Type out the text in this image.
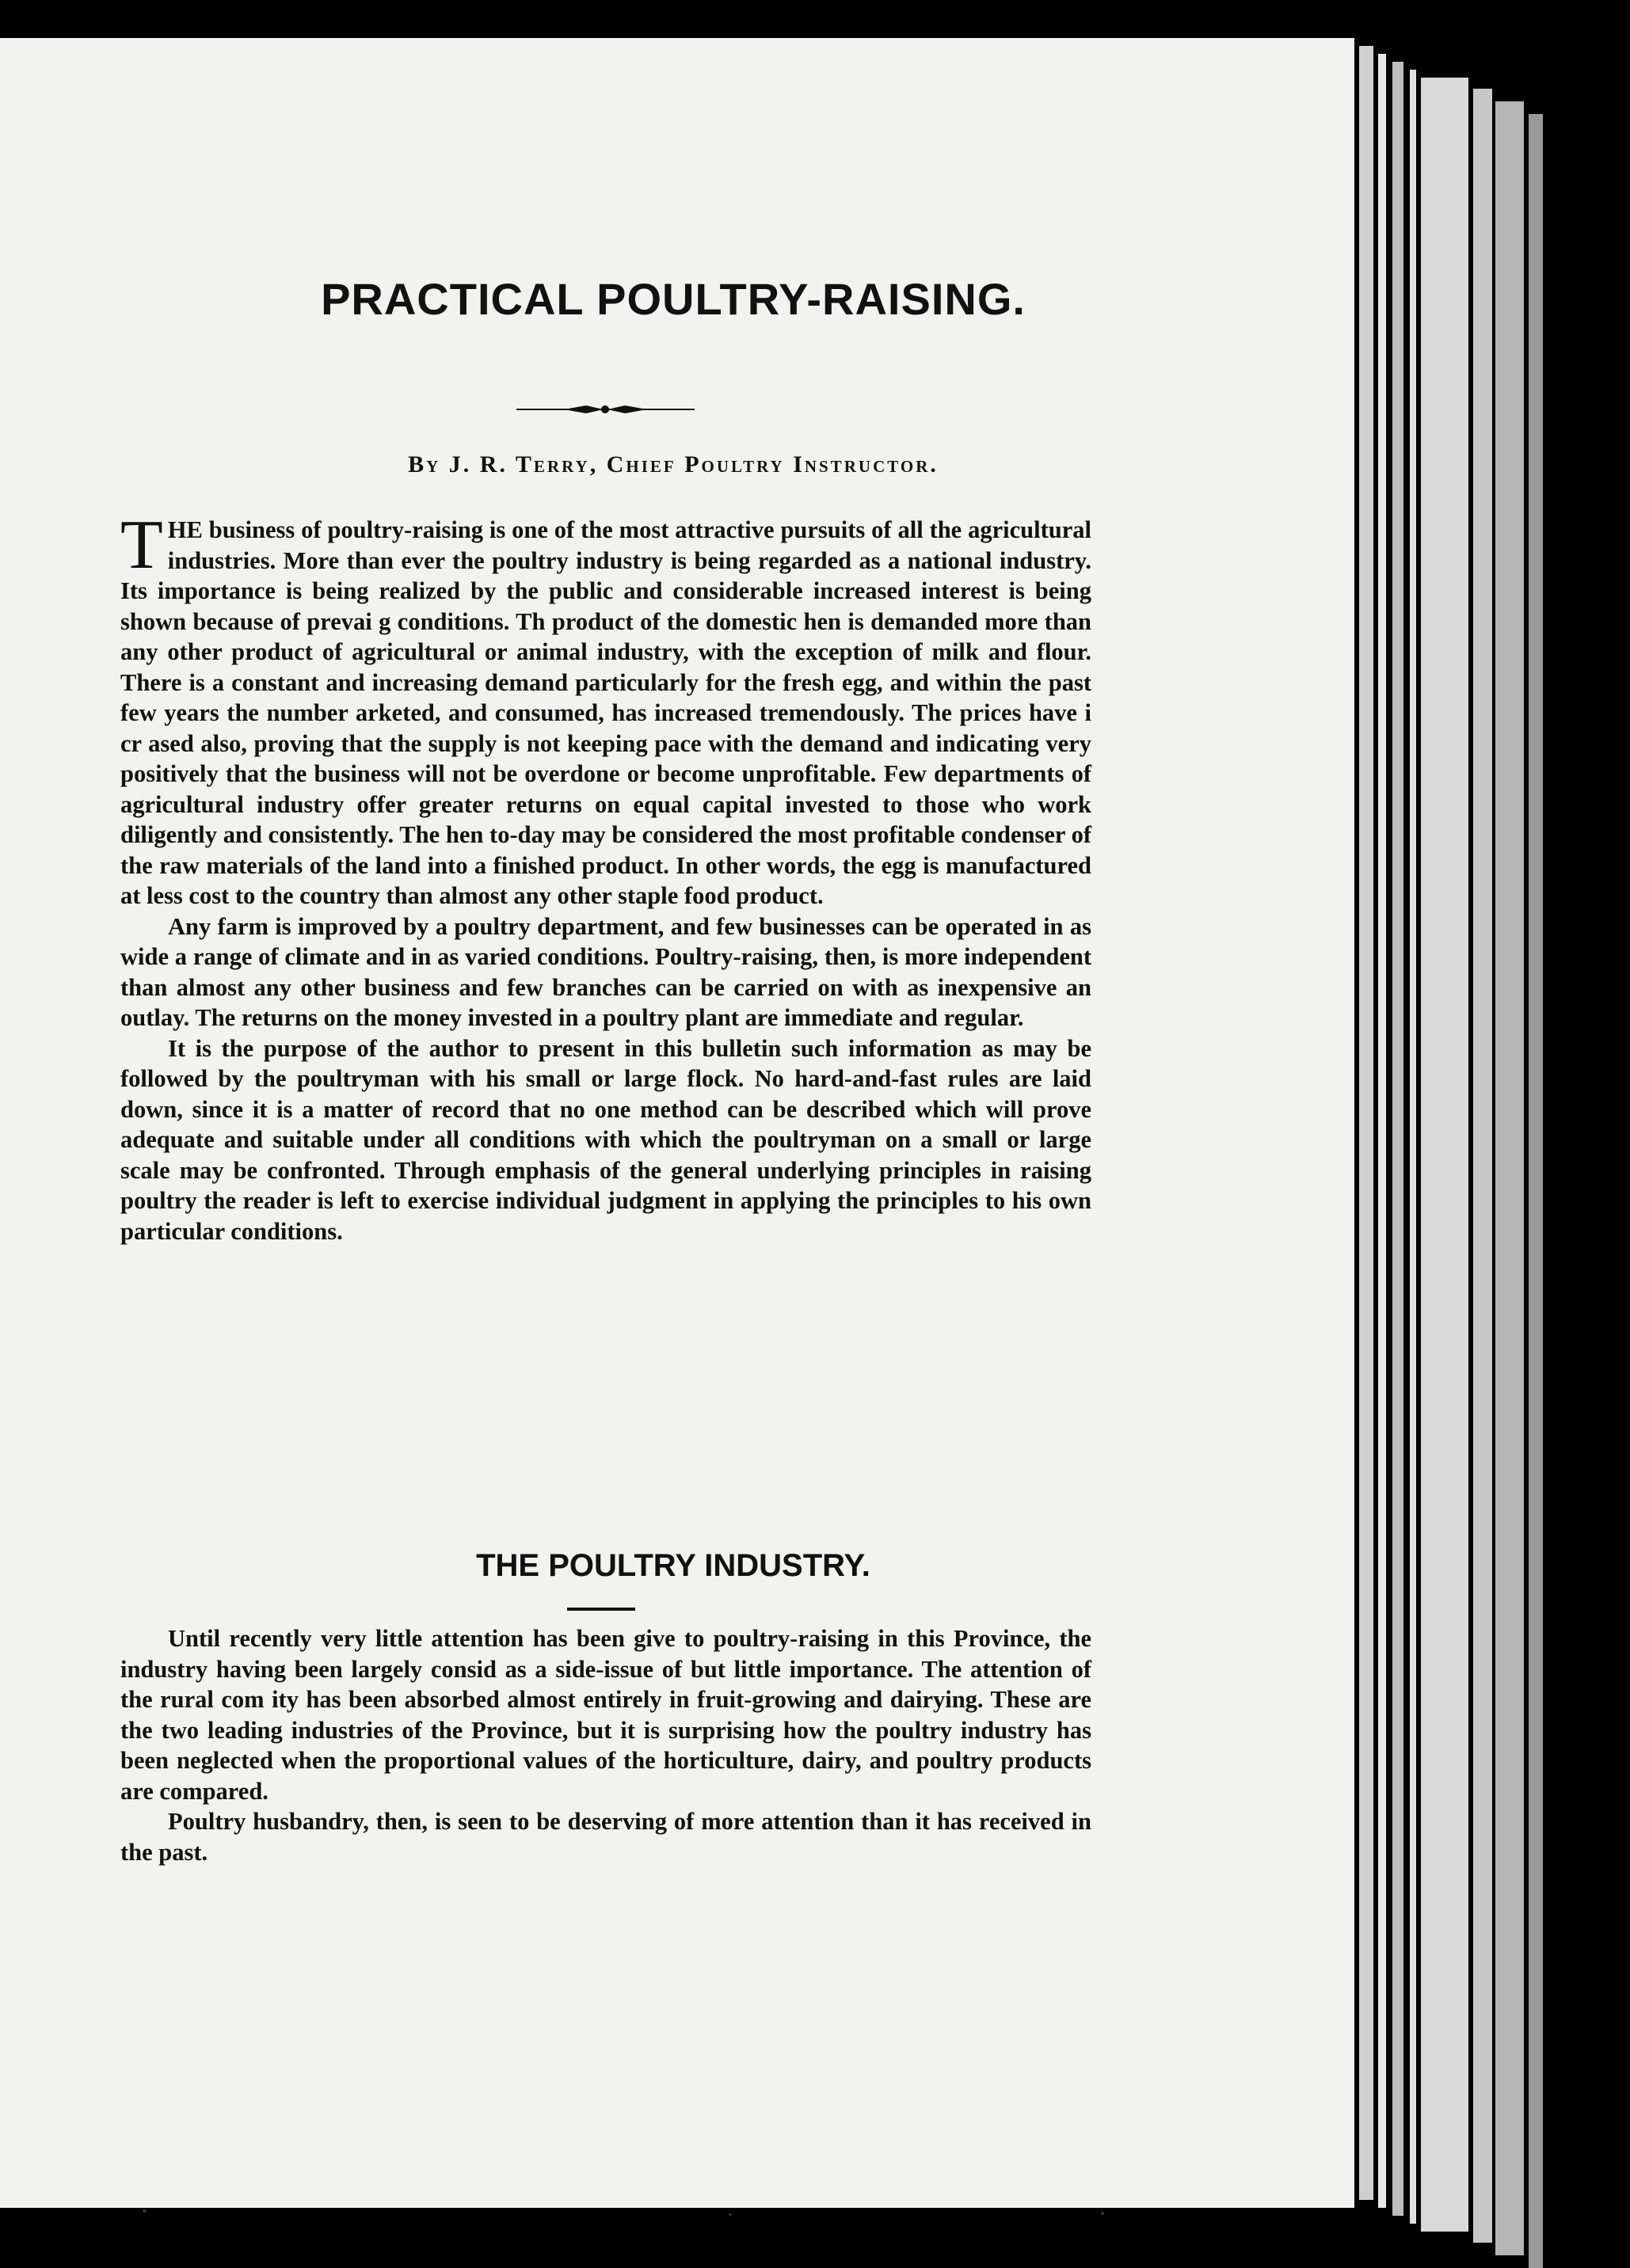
PRACTICAL POULTRY-RAISING.

By J. R. Terry, Chief Poultry Instructor.

THE business of poultry-raising is one of the most attractive pursuits of all the agricultural industries. More than ever the poultry industry is being regarded as a national industry. Its importance is being realized by the public and considerable increased interest is being shown because of prevai g conditions. Th product of the domestic hen is demanded more than any other product of agricultural or animal industry, with the exception of milk and flour. There is a constant and increasing demand particularly for the fresh egg, and within the past few years the number arketed, and consumed, has increased tremendously. The prices have i cr ased also, proving that the supply is not keeping pace with the demand and indicating very positively that the business will not be overdone or become unprofitable. Few departments of agricultural industry offer greater returns on equal capital invested to those who work diligently and consistently. The hen to-day may be considered the most profitable condenser of the raw materials of the land into a finished product. In other words, the egg is manufactured at less cost to the country than almost any other staple food product.

Any farm is improved by a poultry department, and few businesses can be operated in as wide a range of climate and in as varied conditions. Poultry-raising, then, is more independent than almost any other business and few branches can be carried on with as inexpensive an outlay. The returns on the money invested in a poultry plant are immediate and regular.

It is the purpose of the author to present in this bulletin such information as may be followed by the poultryman with his small or large flock. No hard-and-fast rules are laid down, since it is a matter of record that no one method can be described which will prove adequate and suitable under all conditions with which the poultryman on a small or large scale may be confronted. Through emphasis of the general underlying principles in raising poultry the reader is left to exercise individual judgment in applying the principles to his own particular conditions.

THE POULTRY INDUSTRY.

Until recently very little attention has been give to poultry-raising in this Province, the industry having been largely consid as a side-issue of but little importance. The attention of the rural com ity has been absorbed almost entirely in fruit-growing and dairying. These are the two leading industries of the Province, but it is surprising how the poultry industry has been neglected when the proportional values of the horticulture, dairy, and poultry products are compared.

Poultry husbandry, then, is seen to be deserving of more attention than it has received in the past.
